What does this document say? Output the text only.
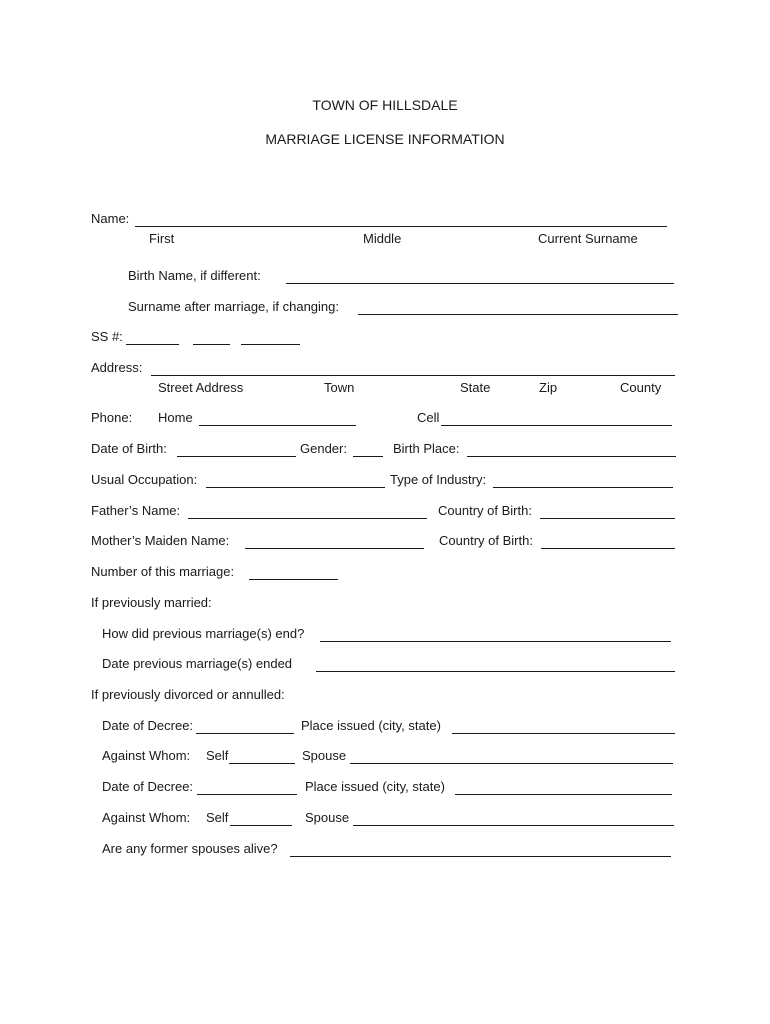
TOWN OF HILLSDALE
MARRIAGE LICENSE INFORMATION
Name:
First	Middle	Current Surname
Birth Name, if different:
Surname after marriage, if changing:
SS #:
Address:
Street Address	Town	State	Zip	County
Phone: Home	Cell
Date of Birth:	Gender:	Birth Place:
Usual Occupation:	Type of Industry:
Father’s Name:	Country of Birth:
Mother’s Maiden Name:	Country of Birth:
Number of this marriage:
If previously married:
How did previous marriage(s) end?
Date previous marriage(s) ended
If previously divorced or annulled:
Date of Decree:	Place issued (city, state)
Against Whom: Self	Spouse
Date of Decree:	Place issued (city, state)
Against Whom: Self	Spouse
Are any former spouses alive?
